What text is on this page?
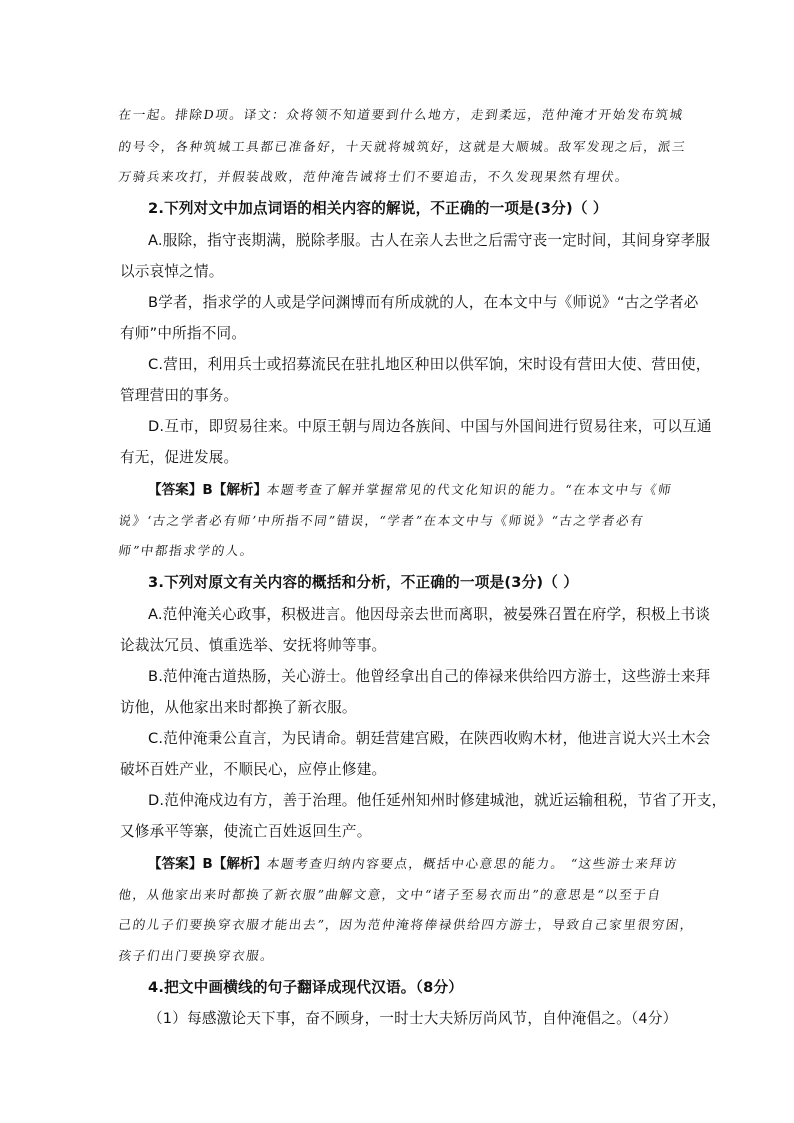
在一起。排除D项。译文：众将领不知道要到什么地方，走到柔远，范仲淹才开始发布筑城
的号令，各种筑城工具都已准备好，十天就将城筑好，这就是大顺城。敌军发现之后，派三
万骑兵来攻打，并假装战败，范仲淹告诫将士们不要追击，不久发现果然有埋伏。
2.下列对文中加点词语的相关内容的解说，不正确的一项是(3分)（ ）
A.服除，指守丧期满，脱除孝服。古人在亲人去世之后需守丧一定时间，其间身穿孝服
以示哀悼之情。
B学者，指求学的人或是学问渊博而有所成就的人，在本文中与《师说》“古之学者必
有师”中所指不同。
C.营田，利用兵士或招募流民在驻扎地区种田以供军饷，宋时设有营田大使、营田使，
管理营田的事务。
D.互市，即贸易往来。中原王朝与周边各族间、中国与外国间进行贸易往来，可以互通
有无，促进发展。
【答案】B【解析】本题考查了解并掌握常见的代文化知识的能力。“在本文中与《师
说》‘古之学者必有师’中所指不同”错误，“学者”在本文中与《师说》“古之学者必有
师”中都指求学的人。
3.下列对原文有关内容的概括和分析，不正确的一项是(3分)（ ）
A.范仲淹关心政事，积极进言。他因母亲去世而离职，被晏殊召置在府学，积极上书谈
论裁汰冗员、慎重选举、安抚将帅等事。
B.范仲淹古道热肠，关心游士。他曾经拿出自己的俸禄来供给四方游士，这些游士来拜
访他，从他家出来时都换了新衣服。
C.范仲淹秉公直言，为民请命。朝廷营建宫殿，在陕西收购木材，他进言说大兴土木会
破坏百姓产业，不顺民心，应停止修建。
D.范仲淹戍边有方，善于治理。他任延州知州时修建城池，就近运输租税，节省了开支，
又修承平等寨，使流亡百姓返回生产。
【答案】B【解析】本题考查归纳内容要点，概括中心意思的能力。 “这些游士来拜访
他，从他家出来时都换了新衣服”曲解文意，文中“诸子至易衣而出”的意思是“以至于自
己的儿子们要换穿衣服才能出去”，因为范仲淹将俸禄供给四方游士，导致自己家里很穷困，
孩子们出门要换穿衣服。
4.把文中画横线的句子翻译成现代汉语。（8分）
（1）每感激论天下事，奋不顾身，一时士大夫矫厉尚风节，自仲淹倡之。（4分）
